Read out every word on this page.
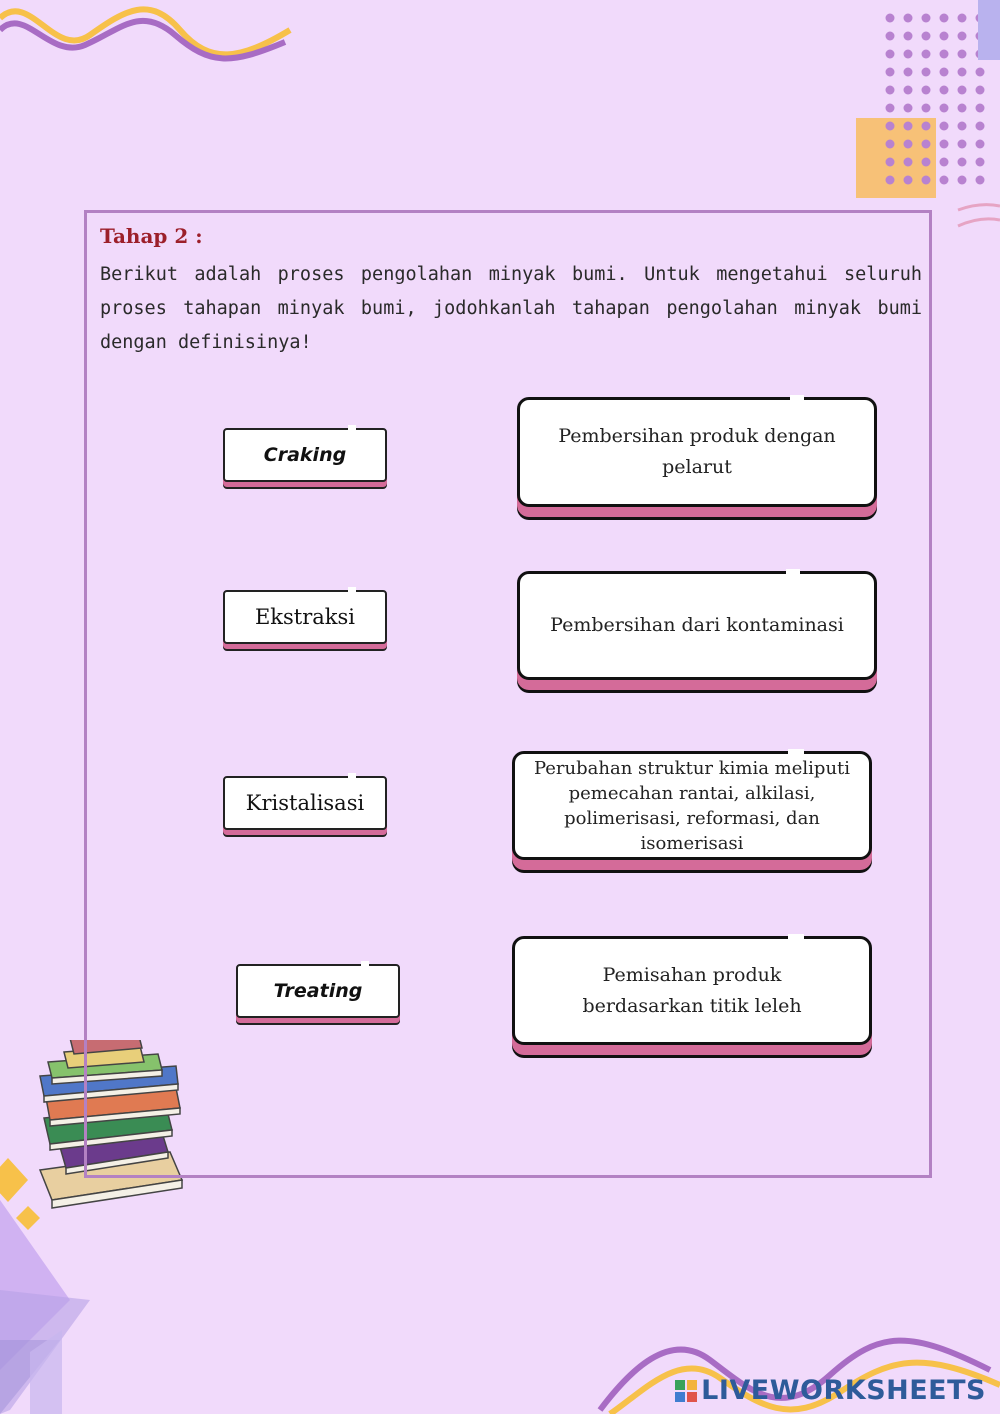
Tahap 2 :

Berikut adalah proses pengolahan minyak bumi. Untuk mengetahui seluruh proses tahapan minyak bumi, jodohkanlah tahapan pengolahan minyak bumi dengan definisinya!

Craking
Ekstraksi
Kristalisasi
Treating
Pembersihan produk dengan pelarut
Pembersihan dari kontaminasi
Perubahan struktur kimia meliputi pemecahan rantai, alkilasi, polimerisasi, reformasi, dan isomerisasi
Pemisahan produk berdasarkan titik leleh
LIVEWORKSHEETS
